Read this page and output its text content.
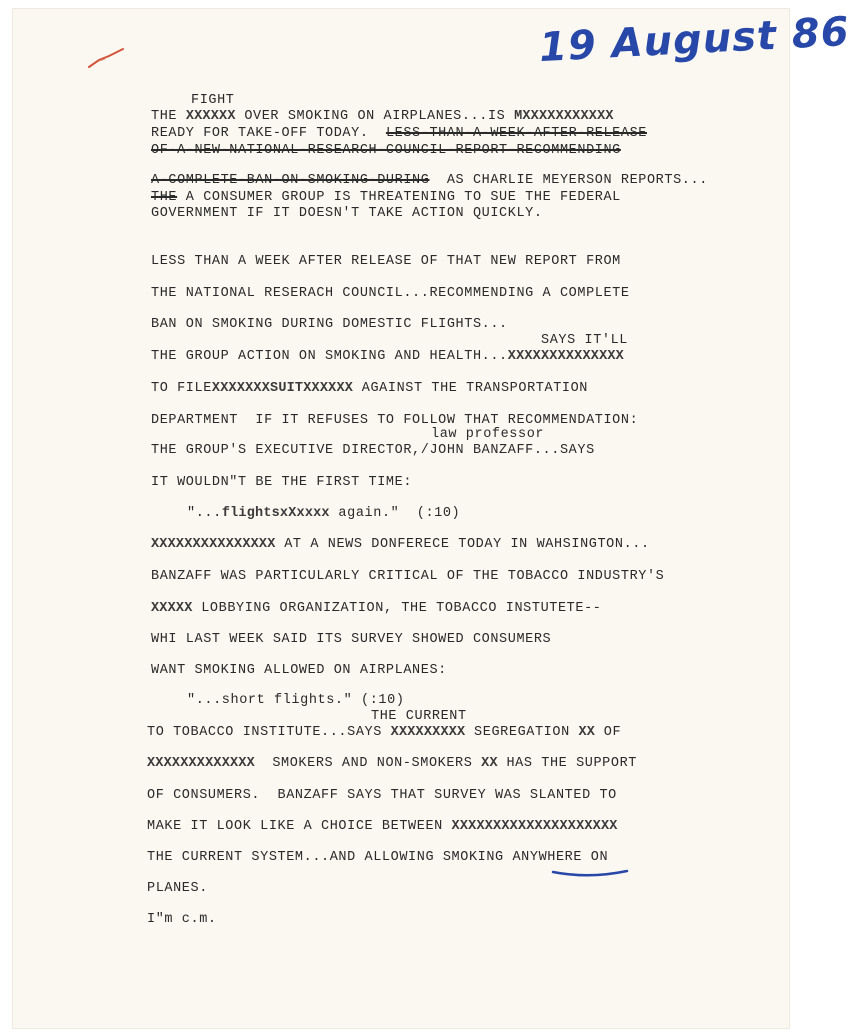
19 August 86
FIGHT
THE XXXXXX OVER SMOKING ON AIRPLANES...IS MXXXXXXXXXXX
READY FOR TAKE-OFF TODAY.  LESS-THAN-A-WEEK-AFTER-RELEASE
OF-A-NEW-NATIONAL-RESEARCH-COUNCIL-REPORT-RECOMMENDING
A-COMPLETE-BAN-ON-SMOKING-DURING  AS CHARLIE MEYERSON REPORTS...
THE A CONSUMER GROUP IS THREATENING TO SUE THE FEDERAL
GOVERNMENT IF IT DOESN'T TAKE ACTION QUICKLY.
LESS THAN A WEEK AFTER RELEASE OF THAT NEW REPORT FROM
THE NATIONAL RESERACH COUNCIL...RECOMMENDING A COMPLETE
BAN ON SMOKING DURING DOMESTIC FLIGHTS...
SAYS IT'LL
THE GROUP ACTION ON SMOKING AND HEALTH...XXXXXXXXXXXXXX
TO FILEXXXXXXXSUITXXXXXX AGAINST THE TRANSPORTATION
DEPARTMENT  IF IT REFUSES TO FOLLOW THAT RECOMMENDATION:
law professor
THE GROUP'S EXECUTIVE DIRECTOR,/JOHN BANZAFF...SAYS
IT WOULDN"T BE THE FIRST TIME:
"...flightsxXxxxx again."  (:10)
XXXXXXXXXXXXXXX AT A NEWS DONFERECE TODAY IN WAHSINGTON...
BANZAFF WAS PARTICULARLY CRITICAL OF THE TOBACCO INDUSTRY'S
XXXXX LOBBYING ORGANIZATION, THE TOBACCO INSTUTETE--
WHI LAST WEEK SAID ITS SURVEY SHOWED CONSUMERS
WANT SMOKING ALLOWED ON AIRPLANES:
"...short flights." (:10)
THE CURRENT
TO TOBACCO INSTITUTE...SAYS XXXXXXXXX SEGREGATION XX OF
XXXXXXXXXXXXX  SMOKERS AND NON-SMOKERS XX HAS THE SUPPORT
OF CONSUMERS.  BANZAFF SAYS THAT SURVEY WAS SLANTED TO
MAKE IT LOOK LIKE A CHOICE BETWEEN XXXXXXXXXXXXXXXXXXXX
THE CURRENT SYSTEM...AND ALLOWING SMOKING ANYWHERE ON
PLANES.
I"m c.m.
